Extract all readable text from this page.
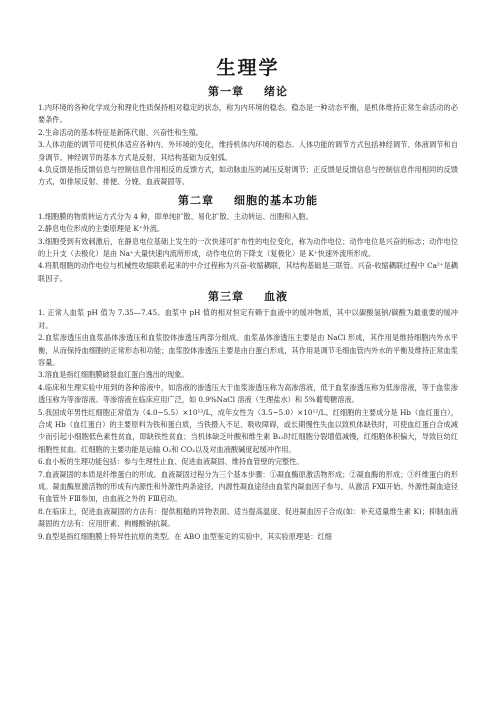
生理学
第一章 绪论

1.内环境的各种化学成分和理化性质保持相对稳定的状态，称为内环境的稳态。稳态是一种动态平衡，是机体维持正常生命活动的必要条件。

2.生命活动的基本特征是新陈代谢、兴奋性和生殖。

3.人体功能的调节可使机体适应各种内、外环境的变化，维持机体内环境的稳态。人体功能的调节方式包括神经调节、体液调节和自身调节。神经调节的基本方式是反射，其结构基础为反射弧。

4.负反馈是指反馈信息与控制信息作用相反的反馈方式，如动脉血压的减压反射调节；正反馈是反馈信息与控制信息作用相同的反馈方式，如排尿反射、排便、分娩、血液凝固等。

第二章 细胞的基本功能

1.细胞膜的物质转运方式分为 4 种，即单纯扩散、易化扩散、主动转运、出胞和入胞。

2.静息电位形成的主要原理是 K⁺外流。

3.细胞受到有效刺激后，在静息电位基础上发生的一次快速可扩布性的电位变化，称为动作电位；动作电位是兴奋的标志；动作电位的上升支（去极化）是由 Na⁺大量快速内流所形成，动作电位的下降支（复极化）是 K⁺快速外流所形成。

4.将肌细胞的动作电位与机械性收缩联系起来的中介过程称为兴奋-收缩耦联，其结构基础是三联管。兴奋-收缩耦联过程中 Ca²⁺是耦联因子。

第三章 血液

1. 正常人血浆 pH 值为 7.35—7.45。血浆中 pH 值的相对恒定有赖于血液中的缓冲物质，其中以碳酸氢钠/碳酸为最重要的缓冲对。

2.血浆渗透压由血浆晶体渗透压和血浆胶体渗透压两部分组成。血浆晶体渗透压主要是由 NaCl 形成，其作用是维持细胞内外水平衡，从而保持血细胞的正常形态和功能；血浆胶体渗透压主要是由白蛋白形成，其作用是调节毛细血管内外水的平衡及维持正常血浆容量。

3.溶血是指红细胞膜破裂血红蛋白逸出的现象。

4.临床和生理实验中用到的各种溶液中，如溶液的渗透压大于血浆渗透压称为高渗溶液，低于血浆渗透压称为低渗溶液，等于血浆渗透压称为等渗溶液。等渗溶液在临床应用广泛，如 0.9%NaCl 溶液（生理盐水）和 5%葡萄糖溶液。

5.我国成年男性红细胞正常值为（4.0~5.5）×10¹²/L，成年女性为（3.5~5.0）×10¹²/L。红细胞的主要成分是 Hb（血红蛋白），合成 Hb（血红蛋白）的主要原料为铁和蛋白质，当铁摄入不足、吸收障碍，或长期慢性失血以致机体缺铁时，可使血红蛋白合成减少而引起小细胞低色素性贫血，即缺铁性贫血；当机体缺乏叶酸和维生素 B₁₂时红细胞分裂增值减慢，红细胞体积偏大，导致巨幼红细胞性贫血。红细胞的主要功能是运输 O₂和 CO₂以及对血液酸碱度起缓冲作用。

6.血小板的生理功能包括：参与生理性止血、促进血液凝固、维持血管壁的完整性。

7.血液凝固的本质是纤维蛋白的形成。血液凝固过程分为三个基本步骤：①凝血酶原激活物形成；②凝血酶的形成；③纤维蛋白的形成。凝血酶原激活物的形成有内源性和外源性两条途径，内源性凝血途径由血浆内凝血因子参与，从激活 FⅫ开始。外源性凝血途径有血管外 FⅢ参加，由血液之外的 FⅢ启动。

8.在临床上，促进血液凝固的方法有：提供粗糙的异物表面、适当提高温度、促进凝血因子合成(如：补充适量维生素 K)；抑制血液凝固的方法有：应用肝素、枸橼酸钠抗凝。

9.血型是指红细胞膜上特异性抗原的类型。在 ABO 血型鉴定的实验中，其实验原理是：红细
